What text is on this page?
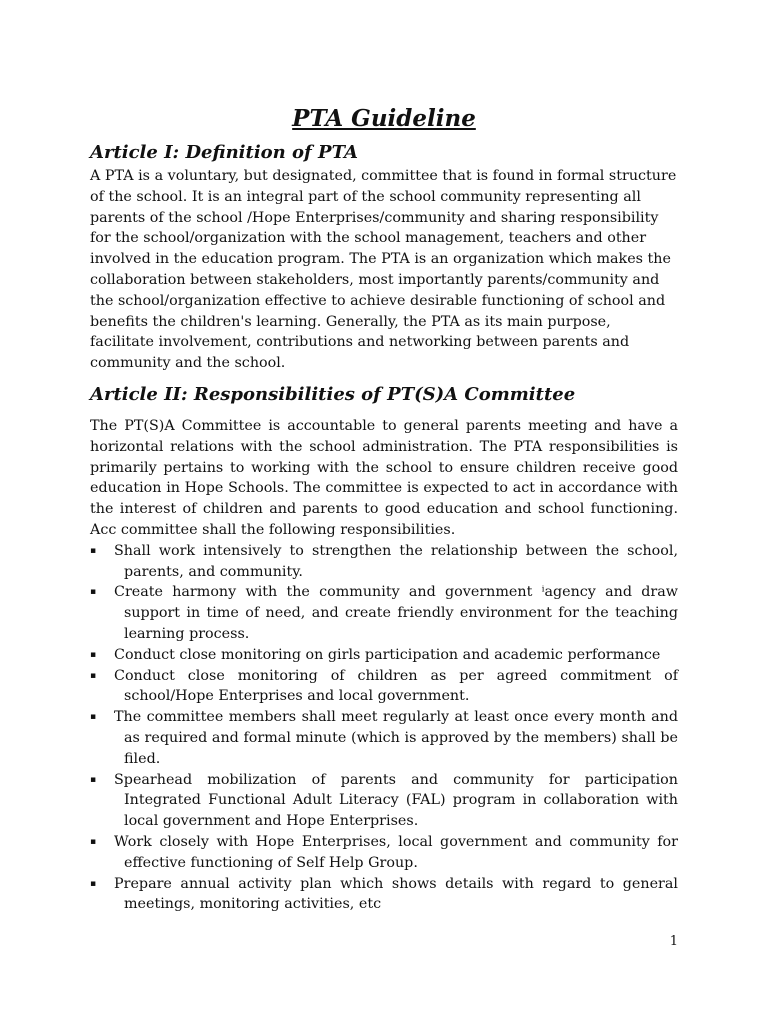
PTA Guideline
Article I: Definition of PTA

A PTA is a voluntary, but designated, committee that is found in formal structure of the school. It is an integral part of the school community representing all parents of the school /Hope Enterprises/community and sharing responsibility for the school/organization with the school management, teachers and other involved in the education program. The PTA is an organization which makes the collaboration between stakeholders, most importantly parents/community and the school/organization effective to achieve desirable functioning of school and benefits the children's learning. Generally, the PTA as its main purpose, facilitate involvement, contributions and networking between parents and community and the school.

Article II: Responsibilities of PT(S)A Committee

The PT(S)A Committee is accountable to general parents meeting and have a horizontal relations with the school administration. The PTA responsibilities is primarily pertains to working with the school to ensure children receive good education in Hope Schools. The committee is expected to act in accordance with the interest of children and parents to good education and school functioning. Acc committee shall the following responsibilities.

▪ Shall work intensively to strengthen the relationship between the school, parents, and community.
▪ Create harmony with the community and government ⁱagency and draw support in time of need, and create friendly environment for the teaching learning process.
▪ Conduct close monitoring on girls participation and academic performance
▪ Conduct close monitoring of children as per agreed commitment of school/Hope Enterprises and local government.
▪ The committee members shall meet regularly at least once every month and as required and formal minute (which is approved by the members) shall be filed.
▪ Spearhead mobilization of parents and community for participation Integrated Functional Adult Literacy (FAL) program in collaboration with local government and Hope Enterprises.
▪ Work closely with Hope Enterprises, local government and community for effective functioning of Self Help Group.
▪ Prepare annual activity plan which shows details with regard to general meetings, monitoring activities, etc
1
